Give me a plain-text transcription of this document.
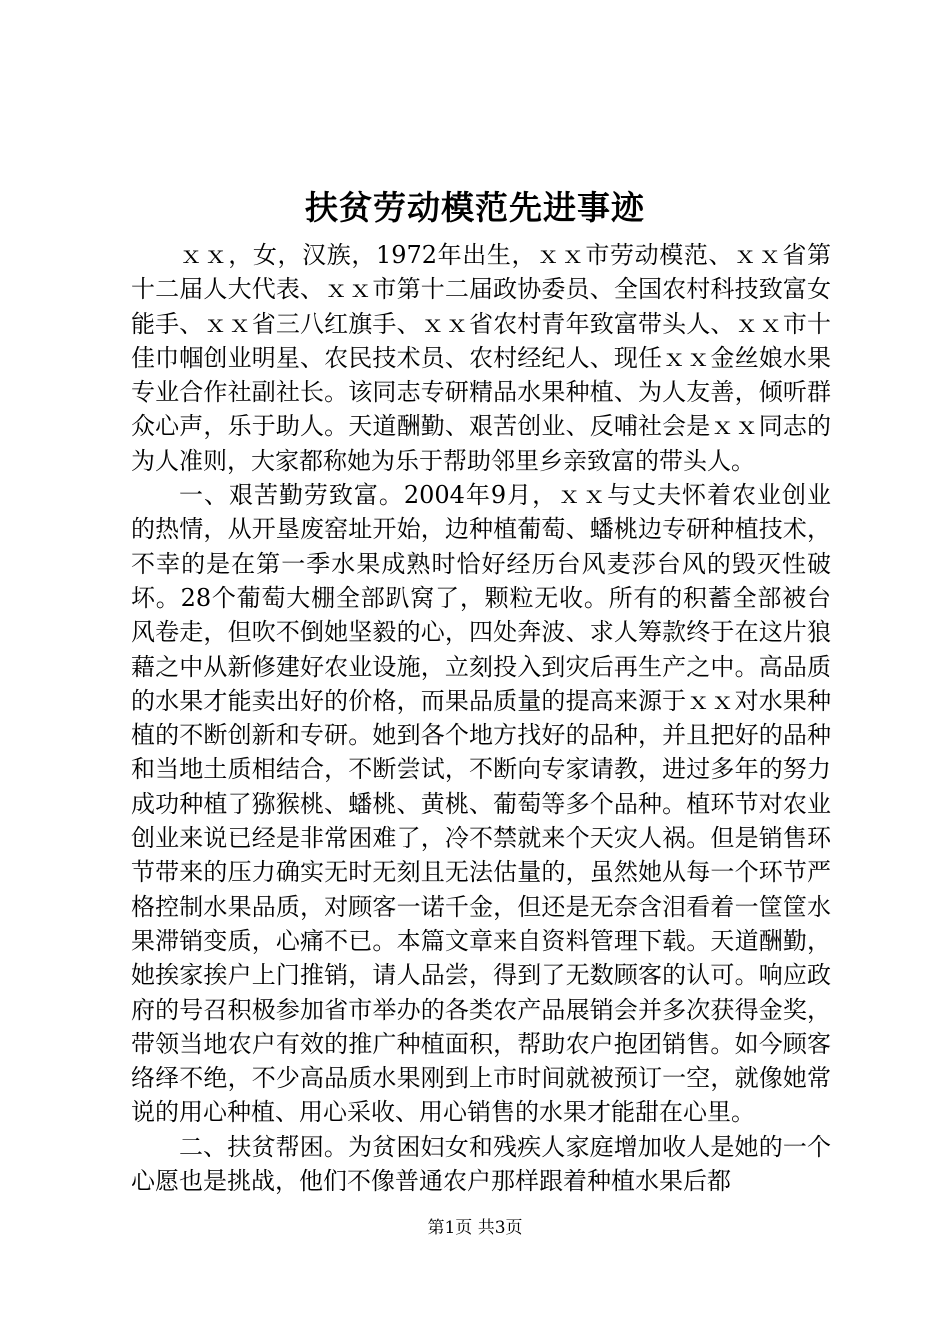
扶贫劳动模范先进事迹

ｘｘ，女，汉族，1972年出生，ｘｘ市劳动模范、ｘｘ省第十二届人大代表、ｘｘ市第十二届政协委员、全国农村科技致富女能手、ｘｘ省三八红旗手、ｘｘ省农村青年致富带头人、ｘｘ市十佳巾帼创业明星、农民技术员、农村经纪人、现任ｘｘ金丝娘水果专业合作社副社长。该同志专研精品水果种植、为人友善，倾听群众心声，乐于助人。天道酬勤、艰苦创业、反哺社会是ｘｘ同志的为人准则，大家都称她为乐于帮助邻里乡亲致富的带头人。

一、艰苦勤劳致富。2004年9月，ｘｘ与丈夫怀着农业创业的热情，从开垦废窑址开始，边种植葡萄、蟠桃边专研种植技术，不幸的是在第一季水果成熟时恰好经历台风麦莎台风的毁灭性破坏。28个葡萄大棚全部趴窝了，颗粒无收。所有的积蓄全部被台风卷走，但吹不倒她坚毅的心，四处奔波、求人筹款终于在这片狼藉之中从新修建好农业设施，立刻投入到灾后再生产之中。高品质的水果才能卖出好的价格，而果品质量的提高来源于ｘｘ对水果种植的不断创新和专研。她到各个地方找好的品种，并且把好的品种和当地土质相结合，不断尝试，不断向专家请教，进过多年的努力成功种植了猕猴桃、蟠桃、黄桃、葡萄等多个品种。植环节对农业创业来说已经是非常困难了，冷不禁就来个天灾人祸。但是销售环节带来的压力确实无时无刻且无法估量的，虽然她从每一个环节严格控制水果品质，对顾客一诺千金，但还是无奈含泪看着一筐筐水果滞销变质，心痛不已。本篇文章来自资料管理下载。天道酬勤，她挨家挨户上门推销，请人品尝，得到了无数顾客的认可。响应政府的号召积极参加省市举办的各类农产品展销会并多次获得金奖，带领当地农户有效的推广种植面积，帮助农户抱团销售。如今顾客络绎不绝，不少高品质水果刚到上市时间就被预订一空，就像她常说的用心种植、用心采收、用心销售的水果才能甜在心里。

二、扶贫帮困。为贫困妇女和残疾人家庭增加收人是她的一个心愿也是挑战，他们不像普通农户那样跟着种植水果后都

第1页 共3页
